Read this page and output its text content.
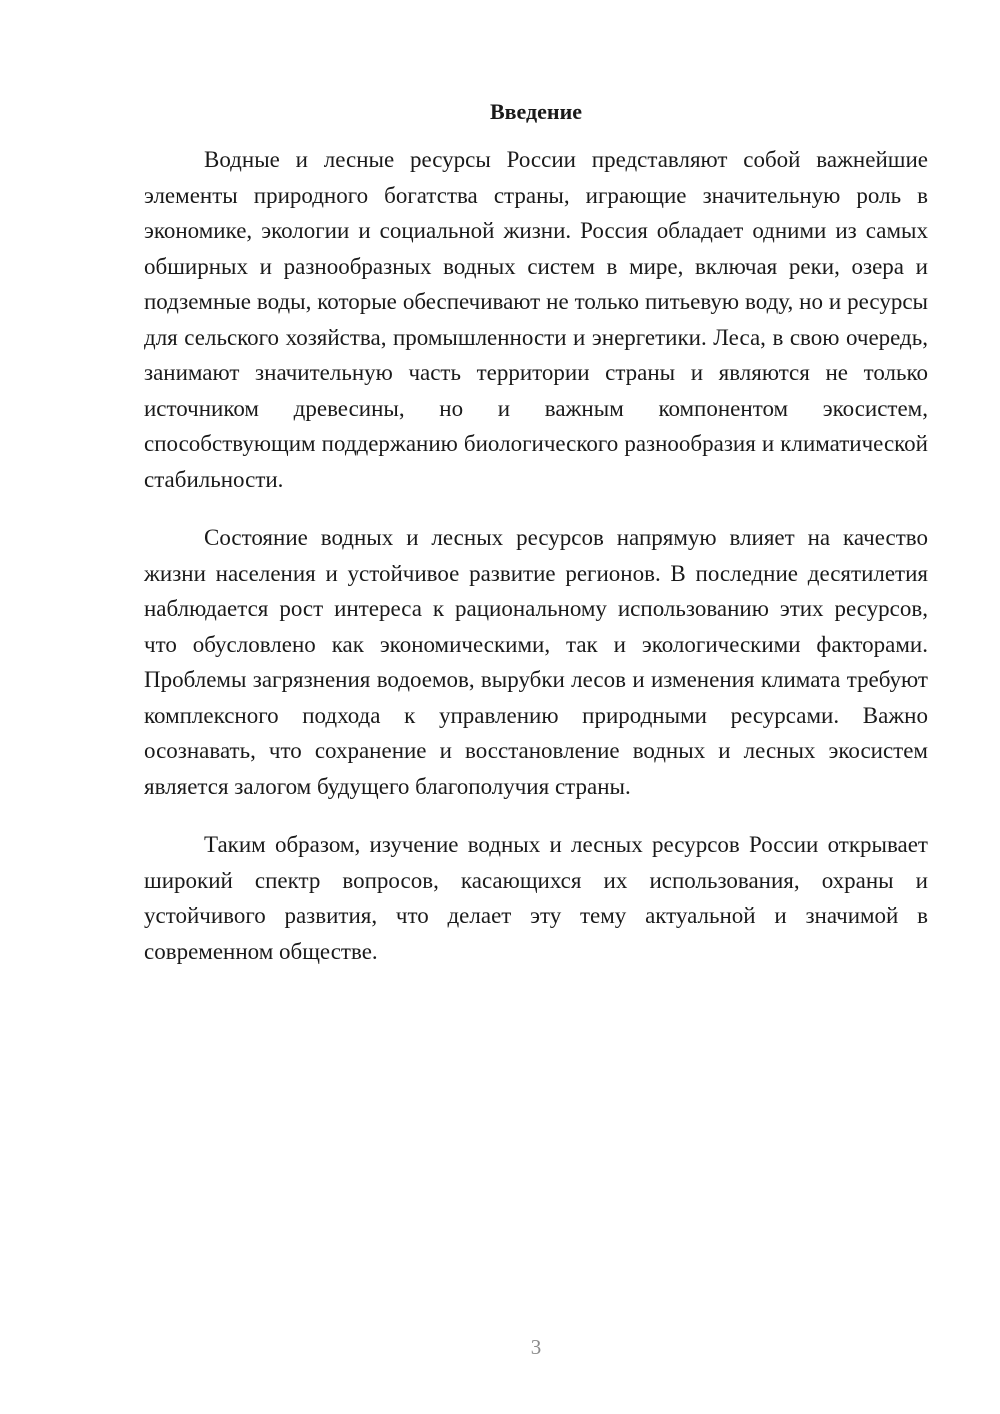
Введение

Водные и лесные ресурсы России представляют собой важнейшие элементы природного богатства страны, играющие значительную роль в экономике, экологии и социальной жизни. Россия обладает одними из самых обширных и разнообразных водных систем в мире, включая реки, озера и подземные воды, которые обеспечивают не только питьевую воду, но и ресурсы для сельского хозяйства, промышленности и энергетики. Леса, в свою очередь, занимают значительную часть территории страны и являются не только источником древесины, но и важным компонентом экосистем, способствующим поддержанию биологического разнообразия и климатической стабильности.

Состояние водных и лесных ресурсов напрямую влияет на качество жизни населения и устойчивое развитие регионов. В последние десятилетия наблюдается рост интереса к рациональному использованию этих ресурсов, что обусловлено как экономическими, так и экологическими факторами. Проблемы загрязнения водоемов, вырубки лесов и изменения климата требуют комплексного подхода к управлению природными ресурсами. Важно осознавать, что сохранение и восстановление водных и лесных экосистем является залогом будущего благополучия страны.

Таким образом, изучение водных и лесных ресурсов России открывает широкий спектр вопросов, касающихся их использования, охраны и устойчивого развития, что делает эту тему актуальной и значимой в современном обществе.

3
